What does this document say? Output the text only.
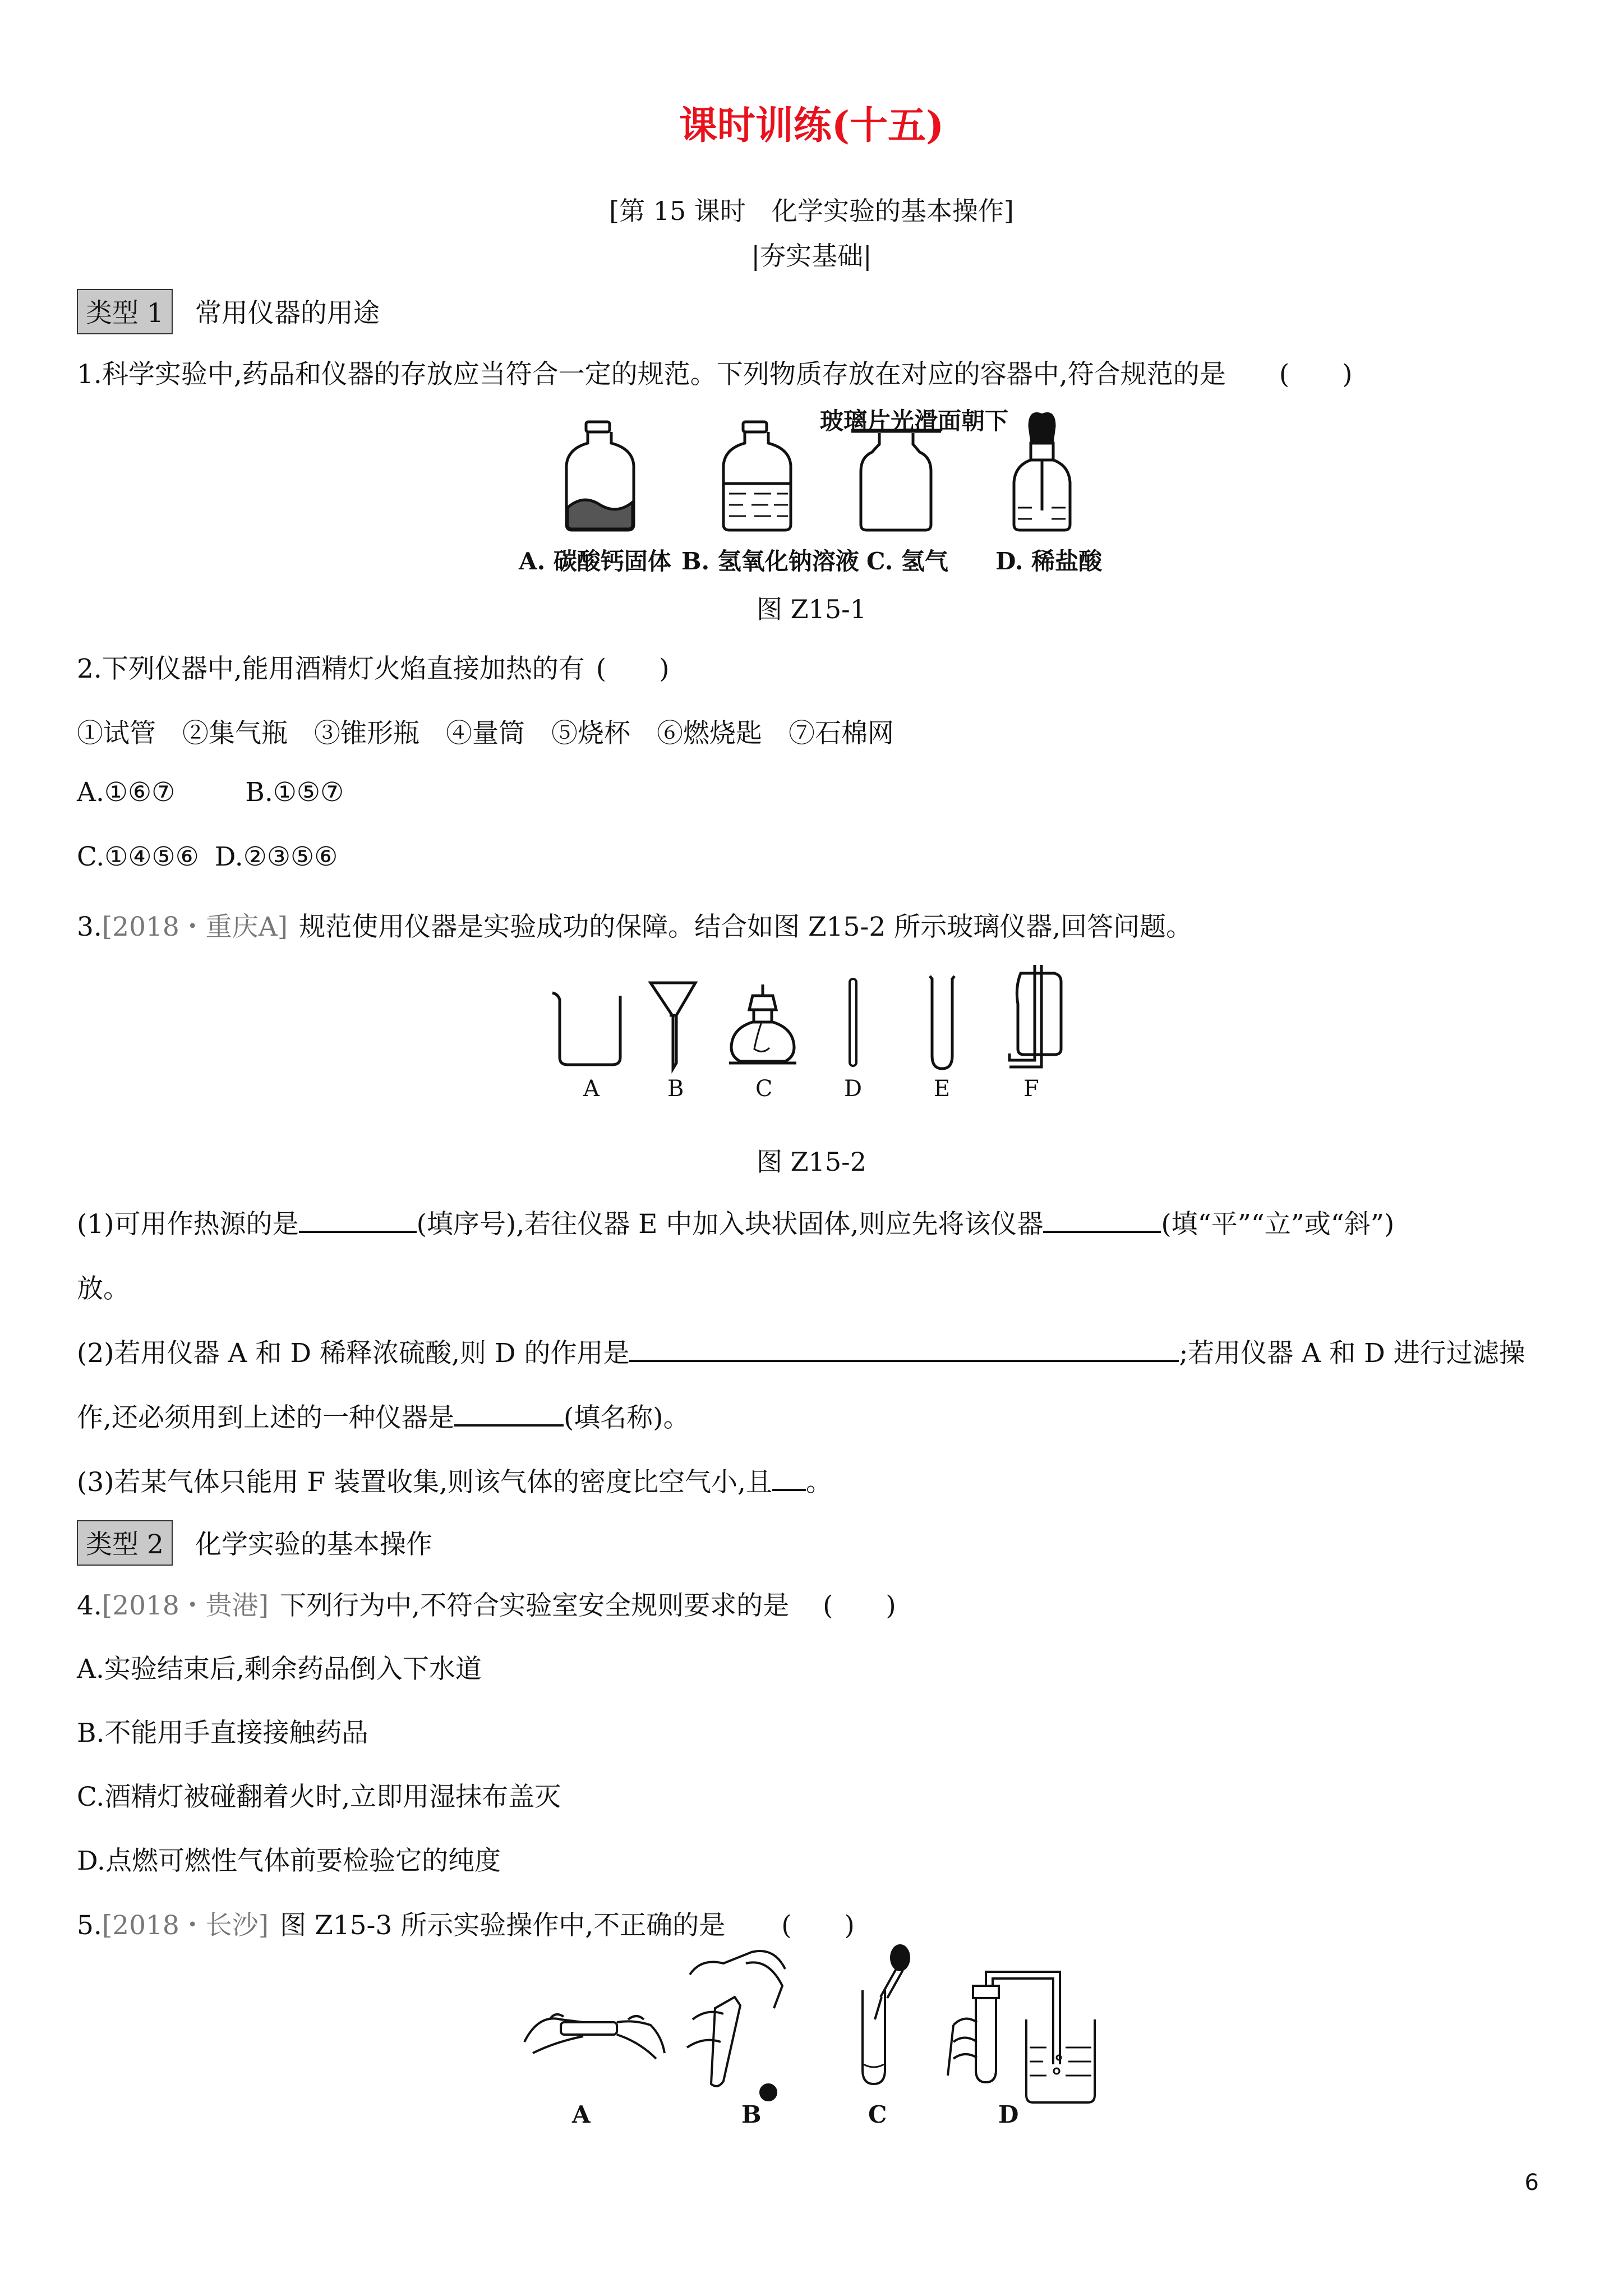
课时训练(十五)
[第 15 课时　化学实验的基本操作]
|夯实基础|
类型 1 常用仪器的用途
1.科学实验中,药品和仪器的存放应当符合一定的规范。下列物质存放在对应的容器中,符合规范的是 (　　)
玻璃片光滑面朝下
A. 碳酸钙固体 B. 氢氧化钠溶液 C. 氢气 D. 稀盐酸
图 Z15-1
2.下列仪器中,能用酒精灯火焰直接加热的有 (　　)
①试管　②集气瓶　③锥形瓶　④量筒　⑤烧杯　⑥燃烧匙　⑦石棉网
A.①⑥⑦	B.①⑤⑦
C.①④⑤⑥ D.②③⑤⑥
3.[2018・重庆A] 规范使用仪器是实验成功的保障。结合如图 Z15-2 所示玻璃仪器,回答问题。
A	B	C	D	E	F
图 Z15-2
(1)可用作热源的是	(填序号),若往仪器 E 中加入块状固体,则应先将该仪器	(填“平”“立”或“斜”)
放。
(2)若用仪器 A 和 D 稀释浓硫酸,则 D 的作用是	;若用仪器 A 和 D 进行过滤操
作,还必须用到上述的一种仪器是	(填名称)。
(3)若某气体只能用 F 装置收集,则该气体的密度比空气小,且 。
类型 2 化学实验的基本操作
4.[2018・贵港] 下列行为中,不符合实验室安全规则要求的是 (　　)
A.实验结束后,剩余药品倒入下水道
B.不能用手直接接触药品
C.酒精灯被碰翻着火时,立即用湿抹布盖灭
D.点燃可燃性气体前要检验它的纯度
5.[2018・长沙] 图 Z15-3 所示实验操作中,不正确的是 (　　)
A	B	C	D
6
